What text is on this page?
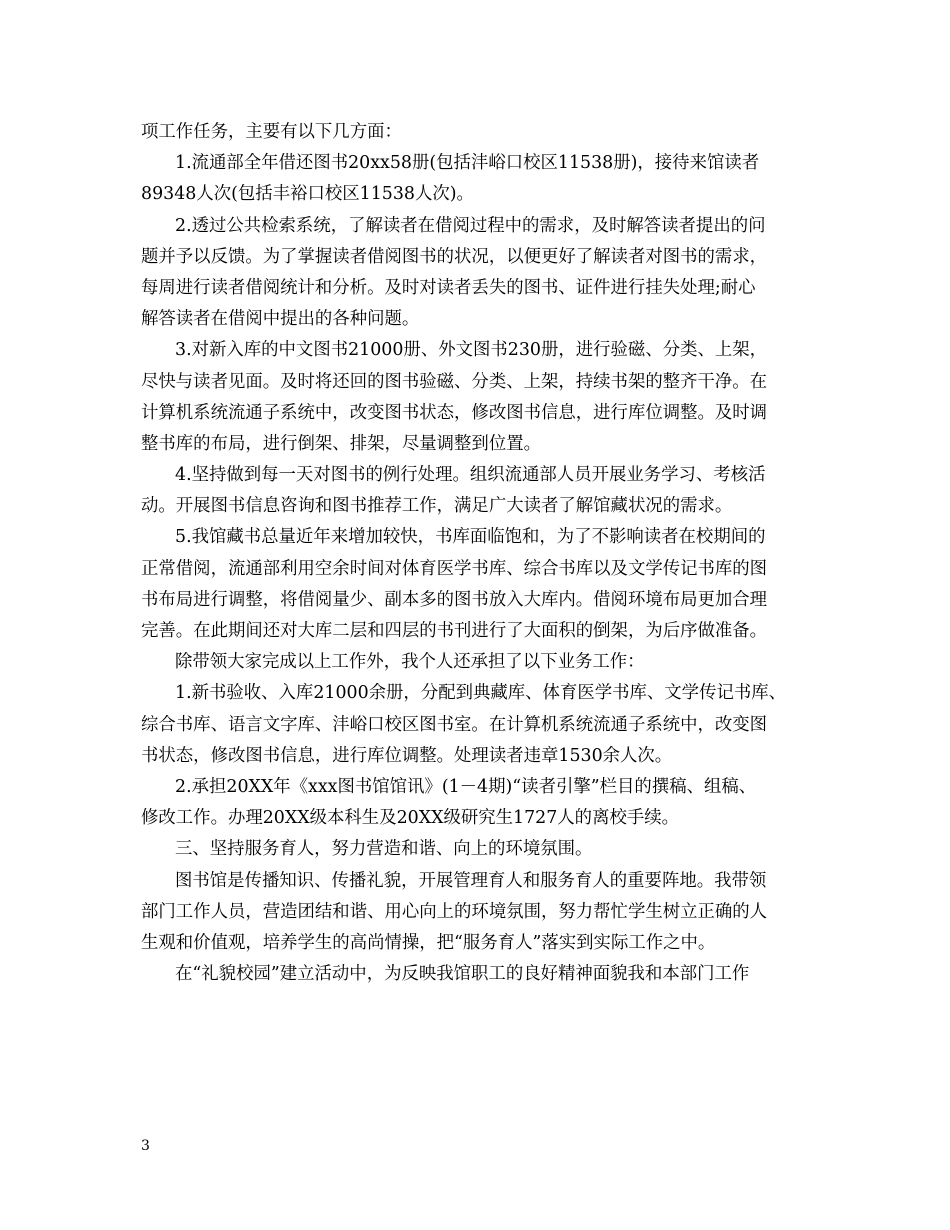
项工作任务，主要有以下几方面：
1.流通部全年借还图书20xx58册(包括沣峪口校区11538册)，接待来馆读者
89348人次(包括丰裕口校区11538人次)。
2.透过公共检索系统，了解读者在借阅过程中的需求，及时解答读者提出的问
题并予以反馈。为了掌握读者借阅图书的状况，以便更好了解读者对图书的需求，
每周进行读者借阅统计和分析。及时对读者丢失的图书、证件进行挂失处理;耐心
解答读者在借阅中提出的各种问题。
3.对新入库的中文图书21000册、外文图书230册，进行验磁、分类、上架，
尽快与读者见面。及时将还回的图书验磁、分类、上架，持续书架的整齐干净。在
计算机系统流通子系统中，改变图书状态，修改图书信息，进行库位调整。及时调
整书库的布局，进行倒架、排架，尽量调整到位置。
4.坚持做到每一天对图书的例行处理。组织流通部人员开展业务学习、考核活
动。开展图书信息咨询和图书推荐工作，满足广大读者了解馆藏状况的需求。
5.我馆藏书总量近年来增加较快，书库面临饱和，为了不影响读者在校期间的
正常借阅，流通部利用空余时间对体育医学书库、综合书库以及文学传记书库的图
书布局进行调整，将借阅量少、副本多的图书放入大库内。借阅环境布局更加合理
完善。在此期间还对大库二层和四层的书刊进行了大面积的倒架，为后序做准备。
除带领大家完成以上工作外，我个人还承担了以下业务工作：
1.新书验收、入库21000余册，分配到典藏库、体育医学书库、文学传记书库、
综合书库、语言文字库、沣峪口校区图书室。在计算机系统流通子系统中，改变图
书状态，修改图书信息，进行库位调整。处理读者违章1530余人次。
2.承担20XX年《xxx图书馆馆讯》(1－4期)“读者引擎”栏目的撰稿、组稿、
修改工作。办理20XX级本科生及20XX级研究生1727人的离校手续。
三、坚持服务育人，努力营造和谐、向上的环境氛围。
图书馆是传播知识、传播礼貌，开展管理育人和服务育人的重要阵地。我带领
部门工作人员，营造团结和谐、用心向上的环境氛围，努力帮忙学生树立正确的人
生观和价值观，培养学生的高尚情操，把“服务育人”落实到实际工作之中。
在“礼貌校园”建立活动中，为反映我馆职工的良好精神面貌我和本部门工作
3
